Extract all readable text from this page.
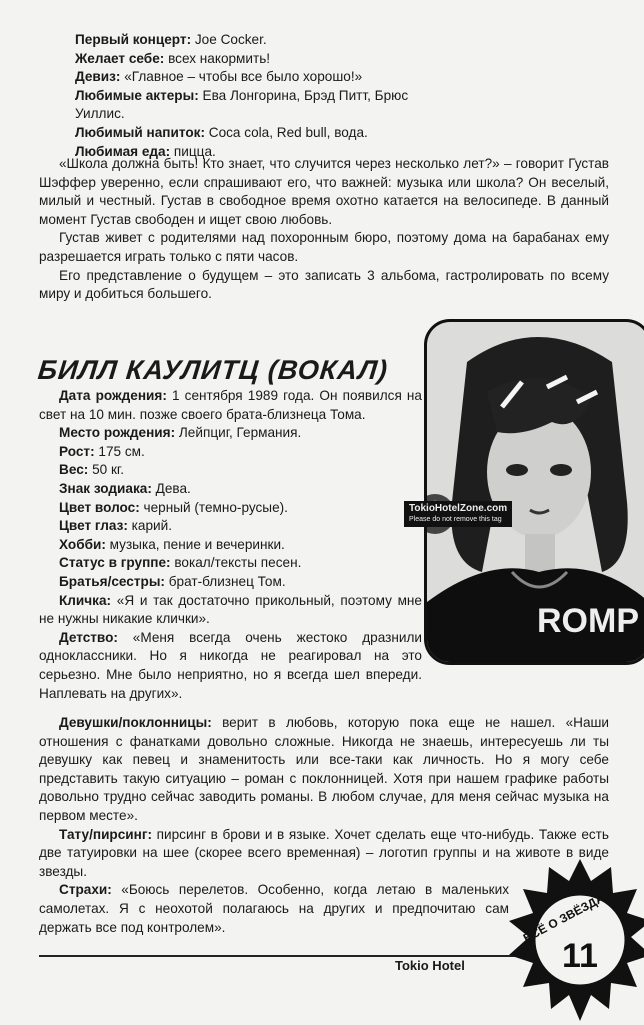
Первый концерт: Joe Cocker.

Желает себе: всех накормить!

Девиз: «Главное – чтобы все было хорошо!»

Любимые актеры: Ева Лонгорина, Брэд Питт, Брюс Уиллис.

Любимый напиток: Coca cola, Red bull, вода.

Любимая еда: пицца.

«Школа должна быть! Кто знает, что случится через несколько лет?» – говорит Густав Шэффер уверенно, если спрашивают его, что важней: музыка или школа? Он веселый, милый и честный. Густав в свободное время охотно катается на велосипеде. В данный момент Густав свободен и ищет свою любовь.

Густав живет с родителями над похоронным бюро, поэтому дома на барабанах ему разрешается играть только с пяти часов.

Его представление о будущем – это записать 3 альбома, гастролировать по всему миру и добиться большего.

ROMP
TokioHotelZone.com
Please do not remove this tag
БИЛЛ КАУЛИТЦ (ВОКАЛ)

Дата рождения: 1 сентября 1989 года. Он появился на свет на 10 мин. позже своего брата-близнеца Тома.

Место рождения: Лейпциг, Германия.

Рост: 175 см.

Вес: 50 кг.

Знак зодиака: Дева.

Цвет волос: черный (темно-русые).

Цвет глаз: карий.

Хобби: музыка, пение и вечеринки.

Статус в группе: вокал/тексты песен.

Братья/сестры: брат-близнец Том.

Кличка: «Я и так достаточно прикольный, поэтому мне не нужны никакие клички».

Детство: «Меня всегда очень жестоко дразнили одноклассники. Но я никогда не реагировал на это серьезно. Мне было неприятно, но я всегда шел впереди. Наплевать на других».

Девушки/поклонницы: верит в любовь, которую пока еще не нашел. «Наши отношения с фанатками довольно сложные. Никогда не знаешь, интересуешь ли ты девушку как певец и знаменитость или все-таки как личность. Но я могу себе представить такую ситуацию – роман с поклонницей. Хотя при нашем графике работы довольно трудно сейчас заводить романы. В любом случае, для меня сейчас музыка на первом месте».

Тату/пирсинг: пирсинг в брови и в языке. Хочет сделать еще что-нибудь. Также есть две татуировки на шее (скорее всего временная) – логотип группы и на животе в виде звезды.

Страхи: «Боюсь перелетов. Особенно, когда летаю в маленьких самолетах. Я с неохотой полагаюсь на других и предпочитаю сам держать все под контролем».

Tokio Hotel
ВСЁ О ЗВЁЗДАХ
11
